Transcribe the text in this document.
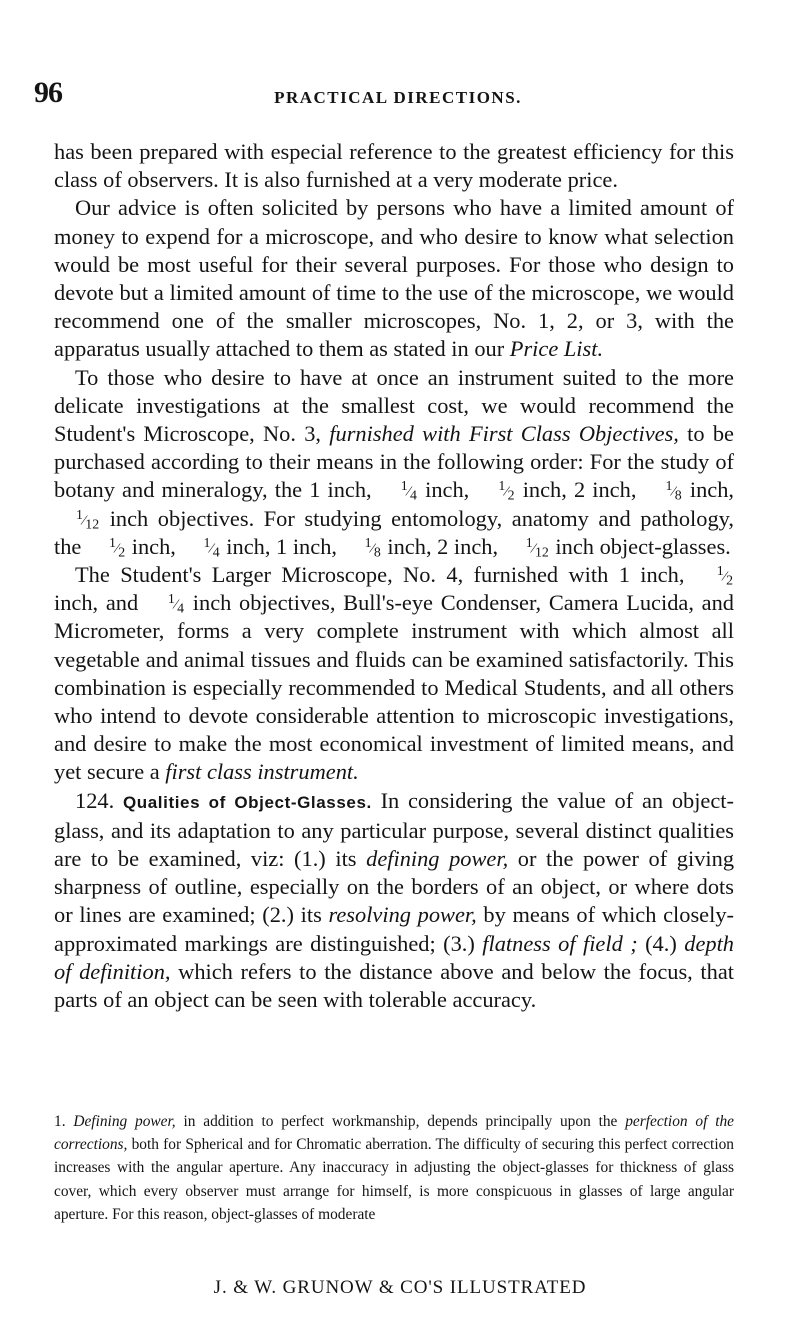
96	PRACTICAL DIRECTIONS.

has been prepared with especial reference to the greatest efficiency for this class of observers. It is also furnished at a very moderate price.

Our advice is often solicited by persons who have a limited amount of money to expend for a microscope, and who desire to know what selection would be most useful for their several purposes. For those who design to devote but a limited amount of time to the use of the microscope, we would recommend one of the smaller microscopes, No. 1, 2, or 3, with the apparatus usually attached to them as stated in our Price List.

To those who desire to have at once an instrument suited to the more delicate investigations at the smallest cost, we would recommend the Student's Microscope, No. 3, furnished with First Class Objectives, to be purchased according to their means in the following order: For the study of botany and mineralogy, the 1 inch, $^1⁄_4$ inch, $^1⁄_2$ inch, 2 inch, $^1⁄_8$ inch, $^1⁄_{12}$ inch objectives. For studying entomology, anatomy and pathology, the $^1⁄_2$ inch, $^1⁄_4$ inch, 1 inch, $^1⁄_8$ inch, 2 inch, $^1⁄_{12}$ inch object-glasses.

The Student's Larger Microscope, No. 4, furnished with 1 inch, $^1⁄_2$ inch, and $^1⁄_4$ inch objectives, Bull's-eye Condenser, Camera Lucida, and Micrometer, forms a very complete instrument with which almost all vegetable and animal tissues and fluids can be examined satisfactorily. This combination is especially recommended to Medical Students, and all others who intend to devote considerable attention to microscopic investigations, and desire to make the most economical investment of limited means, and yet secure a first class instrument.

124. Qualities of Object-Glasses. In considering the value of an object-glass, and its adaptation to any particular purpose, several distinct qualities are to be examined, viz: (1.) its defining power, or the power of giving sharpness of outline, especially on the borders of an object, or where dots or lines are examined; (2.) its resolving power, by means of which closely-approximated markings are distinguished; (3.) flatness of field ; (4.) depth of definition, which refers to the distance above and below the focus, that parts of an object can be seen with tolerable accuracy.

1. Defining power, in addition to perfect workmanship, depends principally upon the perfection of the corrections, both for Spherical and for Chromatic aberration. The difficulty of securing this perfect correction increases with the angular aperture. Any inaccuracy in adjusting the object-glasses for thickness of glass cover, which every observer must arrange for himself, is more conspicuous in glasses of large angular aperture. For this reason, object-glasses of moderate

J. & W. GRUNOW & CO'S ILLUSTRATED
